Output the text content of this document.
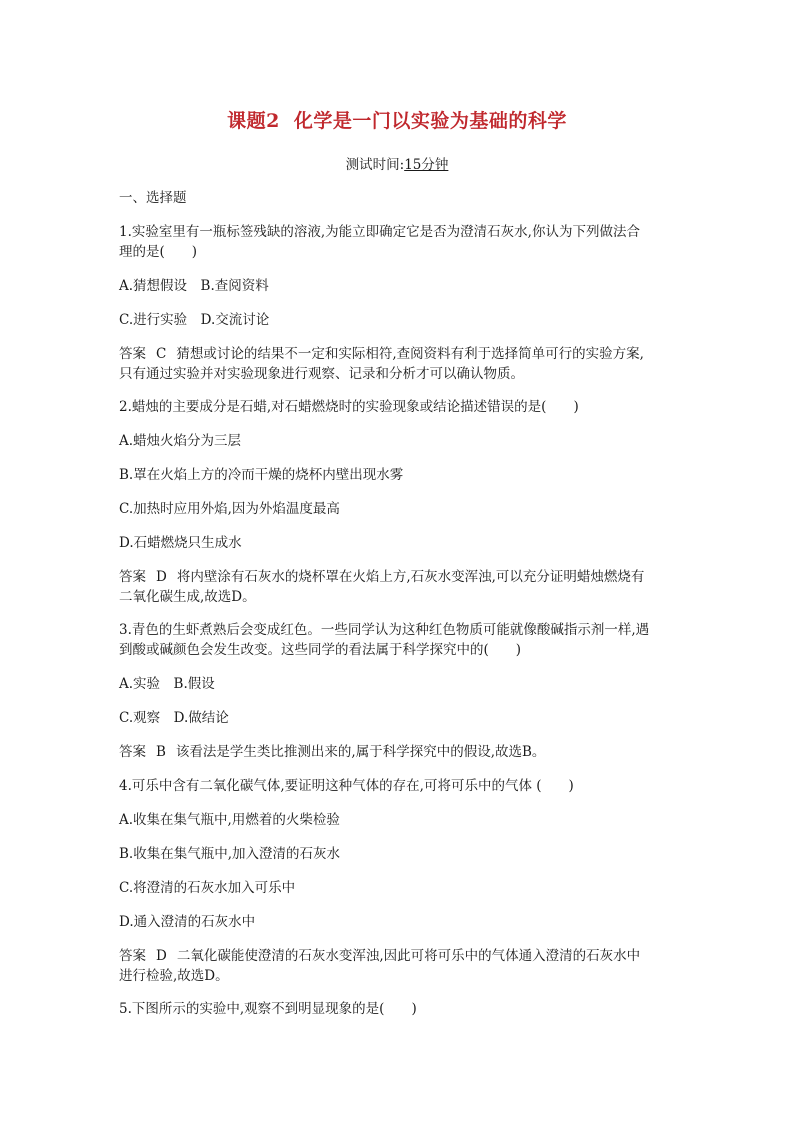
课题2 化学是一门以实验为基础的科学
测试时间:15分钟

一、选择题

1.实验室里有一瓶标签残缺的溶液,为能立即确定它是否为澄清石灰水,你认为下列做法合

理的是(　　)

A.猜想假设　B.查阅资料

C.进行实验　D.交流讨论

答案 C 猜想或讨论的结果不一定和实际相符,查阅资料有利于选择简单可行的实验方案,

只有通过实验并对实验现象进行观察、记录和分析才可以确认物质。

2.蜡烛的主要成分是石蜡,对石蜡燃烧时的实验现象或结论描述错误的是(　　)

A.蜡烛火焰分为三层

B.罩在火焰上方的冷而干燥的烧杯内壁出现水雾

C.加热时应用外焰,因为外焰温度最高

D.石蜡燃烧只生成水

答案 D 将内壁涂有石灰水的烧杯罩在火焰上方,石灰水变浑浊,可以充分证明蜡烛燃烧有

二氧化碳生成,故选D。

3.青色的生虾煮熟后会变成红色。一些同学认为这种红色物质可能就像酸碱指示剂一样,遇

到酸或碱颜色会发生改变。这些同学的看法属于科学探究中的(　　)

A.实验　B.假设

C.观察　D.做结论

答案 B 该看法是学生类比推测出来的,属于科学探究中的假设,故选B。

4.可乐中含有二氧化碳气体,要证明这种气体的存在,可将可乐中的气体 (　　)

A.收集在集气瓶中,用燃着的火柴检验

B.收集在集气瓶中,加入澄清的石灰水

C.将澄清的石灰水加入可乐中

D.通入澄清的石灰水中

答案 D 二氧化碳能使澄清的石灰水变浑浊,因此可将可乐中的气体通入澄清的石灰水中

进行检验,故选D。

5.下图所示的实验中,观察不到明显现象的是(　　)
